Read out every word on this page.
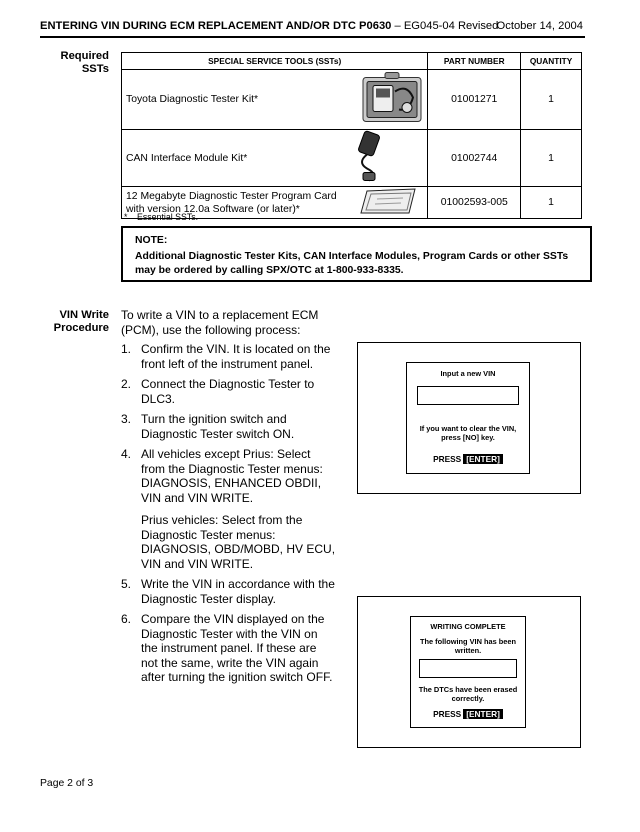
ENTERING VIN DURING ECM REPLACEMENT AND/OR DTC P0630 – EG045-04 Revised
October 14, 2004
Required
SSTs
SPECIAL SERVICE TOOLS (SSTs)	PART NUMBER	QUANTITY
Toyota Diagnostic Tester Kit*	01001271	1
CAN Interface Module Kit*	01002744	1

12 Megabyte Diagnostic Tester Program Card
with version 12.0a Software (or later)*	01002593-005	1
* Essential SSTs.
NOTE:
Additional Diagnostic Tester Kits, CAN Interface Modules, Program Cards or other SSTs may be ordered by calling SPX/OTC at 1-800-933-8335.
VIN Write
Procedure
To write a VIN to a replacement ECM (PCM), use the following process:
1. Confirm the VIN. It is located on the front left of the instrument panel.
2. Connect the Diagnostic Tester to DLC3.
3. Turn the ignition switch and Diagnostic Tester switch ON.
4. All vehicles except Prius: Select from the Diagnostic Tester menus: DIAGNOSIS, ENHANCED OBDII, VIN and VIN WRITE.
Prius vehicles: Select from the Diagnostic Tester menus: DIAGNOSIS, OBD/MOBD, HV ECU, VIN and VIN WRITE.
5. Write the VIN in accordance with the Diagnostic Tester display.
6. Compare the VIN displayed on the Diagnostic Tester with the VIN on the instrument panel. If these are not the same, write the VIN again after turning the ignition switch OFF.
Input a new VIN
If you want to clear the VIN, press [NO] key.
PRESS [ENTER]
WRITING COMPLETE
The following VIN has been written.
The DTCs have been erased correctly.
PRESS [ENTER]
Page 2 of 3
